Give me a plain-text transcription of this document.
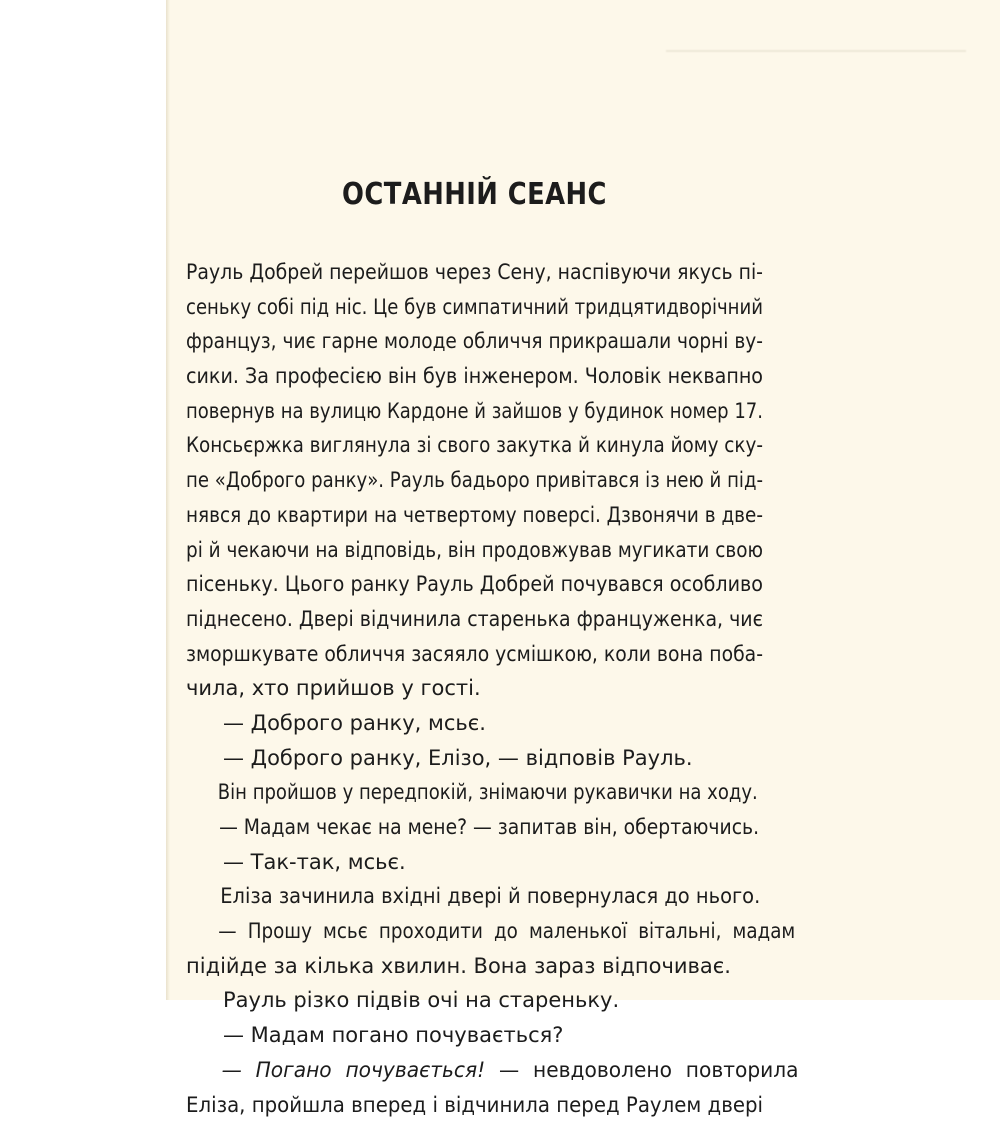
ОСТАННІЙ СЕАНС
Рауль Добрей перейшов через Сену, наспівуючи якусь пі-
сеньку собі під ніс. Це був симпатичний тридцятидворічний
француз, чиє гарне молоде обличчя прикрашали чорні ву-
сики. За професією він був інженером. Чоловік неквапно
повернув на вулицю Кардоне й зайшов у будинок номер 17.
Консьєржка виглянула зі свого закутка й кинула йому ску-
пе «Доброго ранку». Рауль бадьоро привітався із нею й під-
нявся до квартири на четвертому поверсі. Дзвонячи в две-
рі й чекаючи на відповідь, він продовжував мугикати свою
пісеньку. Цього ранку Рауль Добрей почувався особливо
піднесено. Двері відчинила старенька француженка, чиє
зморшкувате обличчя засяяло усмішкою, коли вона поба-
чила, хто прийшов у гості.
— Доброго ранку, мсьє.
— Доброго ранку, Елізо, — відповів Рауль.
Він пройшов у передпокій, знімаючи рукавички на ходу.
— Мадам чекає на мене? — запитав він, обертаючись.
— Так-так, мсьє.
Еліза зачинила вхідні двері й повернулася до нього.
— Прошу мсьє проходити до маленької вітальні, мадам
підійде за кілька хвилин. Вона зараз відпочиває.
Рауль різко підвів очі на стареньку.
— Мадам погано почувається?
— Погано почувається! — невдоволено повторила
Еліза, пройшла вперед і відчинила перед Раулем двері
